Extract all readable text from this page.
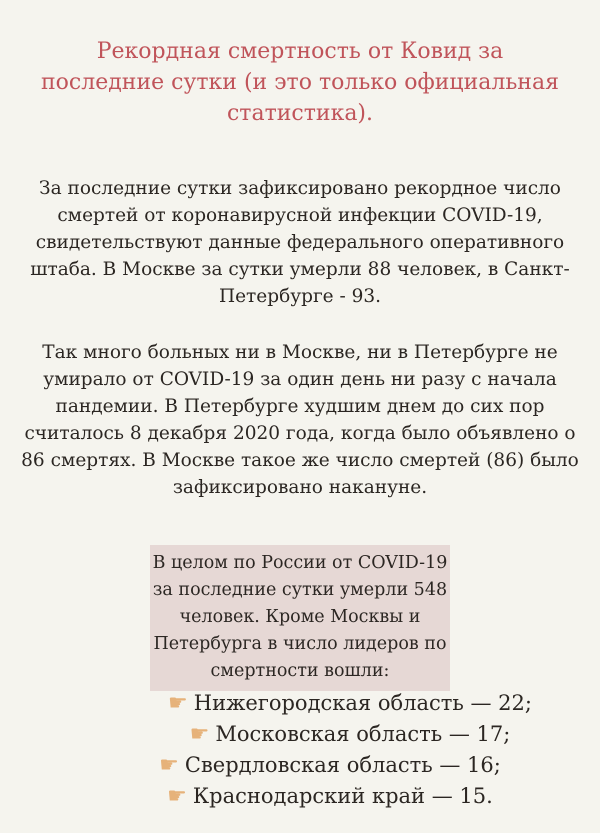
Рекордная смертность от Ковид за последние сутки (и это только официальная статистика).

За последние сутки зафиксировано рекордное число смертей от коронавирусной инфекции COVID-19, свидетельствуют данные федерального оперативного штаба. В Москве за сутки умерли 88 человек, в Санкт-Петербурге - 93.

Так много больных ни в Москве, ни в Петербурге не умирало от COVID-19 за один день ни разу с начала пандемии. В Петербурге худшим днем до сих пор считалось 8 декабря 2020 года, когда было объявлено о 86 смертях. В Москве такое же число смертей (86) было зафиксировано накануне.

В целом по России от COVID-19 за последние сутки умерли 548 человек. Кроме Москвы и Петербурга в число лидеров по смертности вошли:
☛ Нижегородская область — 22;
☛ Московская область — 17;
☛ Свердловская область — 16;
☛ Краснодарский край — 15.
